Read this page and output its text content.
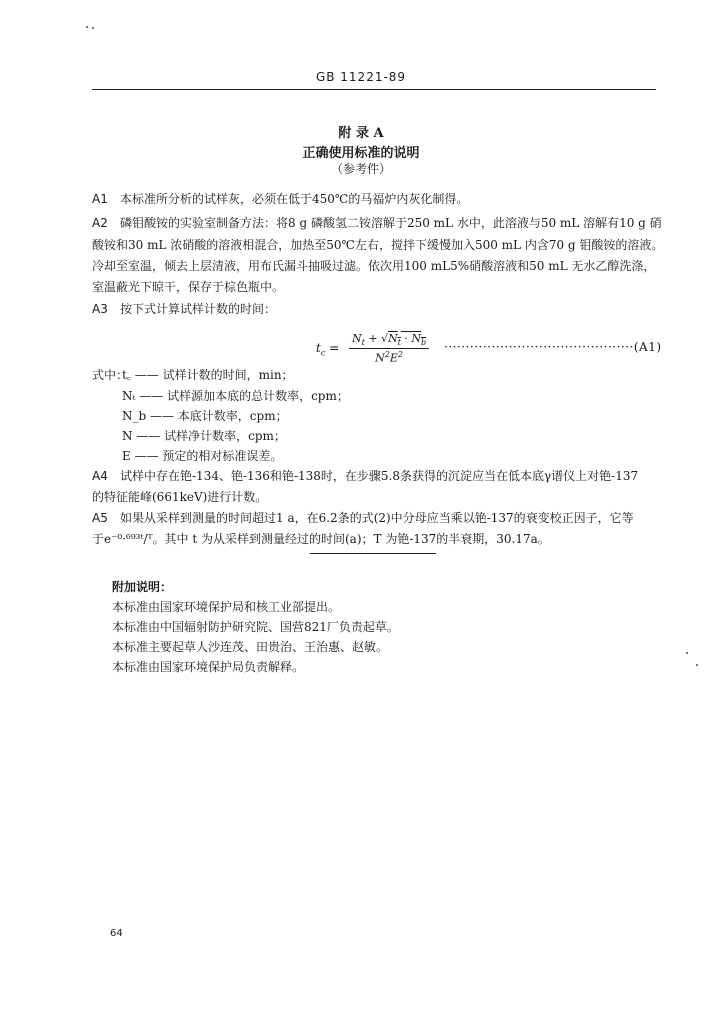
GB 11221-89
附 录 A
正确使用标准的说明
（参考件）
A1 本标准所分析的试样灰，必须在低于450℃的马福炉内灰化制得。
A2 磷钼酸铵的实验室制备方法：将8 g 磷酸氢二铵溶解于250 mL 水中，此溶液与50 mL 溶解有10 g 硝
酸铵和30 mL 浓硝酸的溶液相混合，加热至50℃左右，搅拌下缓慢加入500 mL 内含70 g 钼酸铵的溶液。
冷却至室温，倾去上层清液，用布氏漏斗抽吸过滤。依次用100 mL5%硝酸溶液和50 mL 无水乙醇洗涤，
室温蔽光下晾干，保存于棕色瓶中。
A3 按下式计算试样计数的时间：
$t_c = \frac{N_t + √N_t \cdot N_b}{N^2E^2} \cdot\cdot\cdot\cdot\cdot\cdot\cdot\cdot\cdot\cdot\cdot\cdot\cdot\cdot\cdot\cdot\cdot\cdot\cdot\cdot\cdot\cdot\cdot\cdot\cdot\cdot\cdot\cdot\cdot\cdot\cdot\cdot\cdot\cdot\cdot\cdot\cdot\cdot\cdot\cdot\cdot\cdot\cdot\cdot(A1)$
式中：
t꜀ —— 试样计数的时间，min；
Nₜ —— 试样源加本底的总计数率，cpm；
N_b —— 本底计数率，cpm；
N —— 试样净计数率，cpm；
E —— 预定的相对标准误差。
A4 试样中存在铯-134、铯-136和铯-138时，在步骤5.8条获得的沉淀应当在低本底γ谱仪上对铯-137
的特征能峰(661keV)进行计数。
A5 如果从采样到测量的时间超过1 a，在6.2条的式(2)中分母应当乘以铯-137的衰变校正因子，它等
于e⁻⁰·⁶⁹³ᵗ/ᵀ。其中 t 为从采样到测量经过的时间(a)；T 为铯-137的半衰期，30.17a。
附加说明：
本标准由国家环境保护局和核工业部提出。
本标准由中国辐射防护研究院、国营821厂负责起草。
本标准主要起草人沙连茂、田贵治、王治惠、赵敏。
本标准由国家环境保护局负责解释。
64
